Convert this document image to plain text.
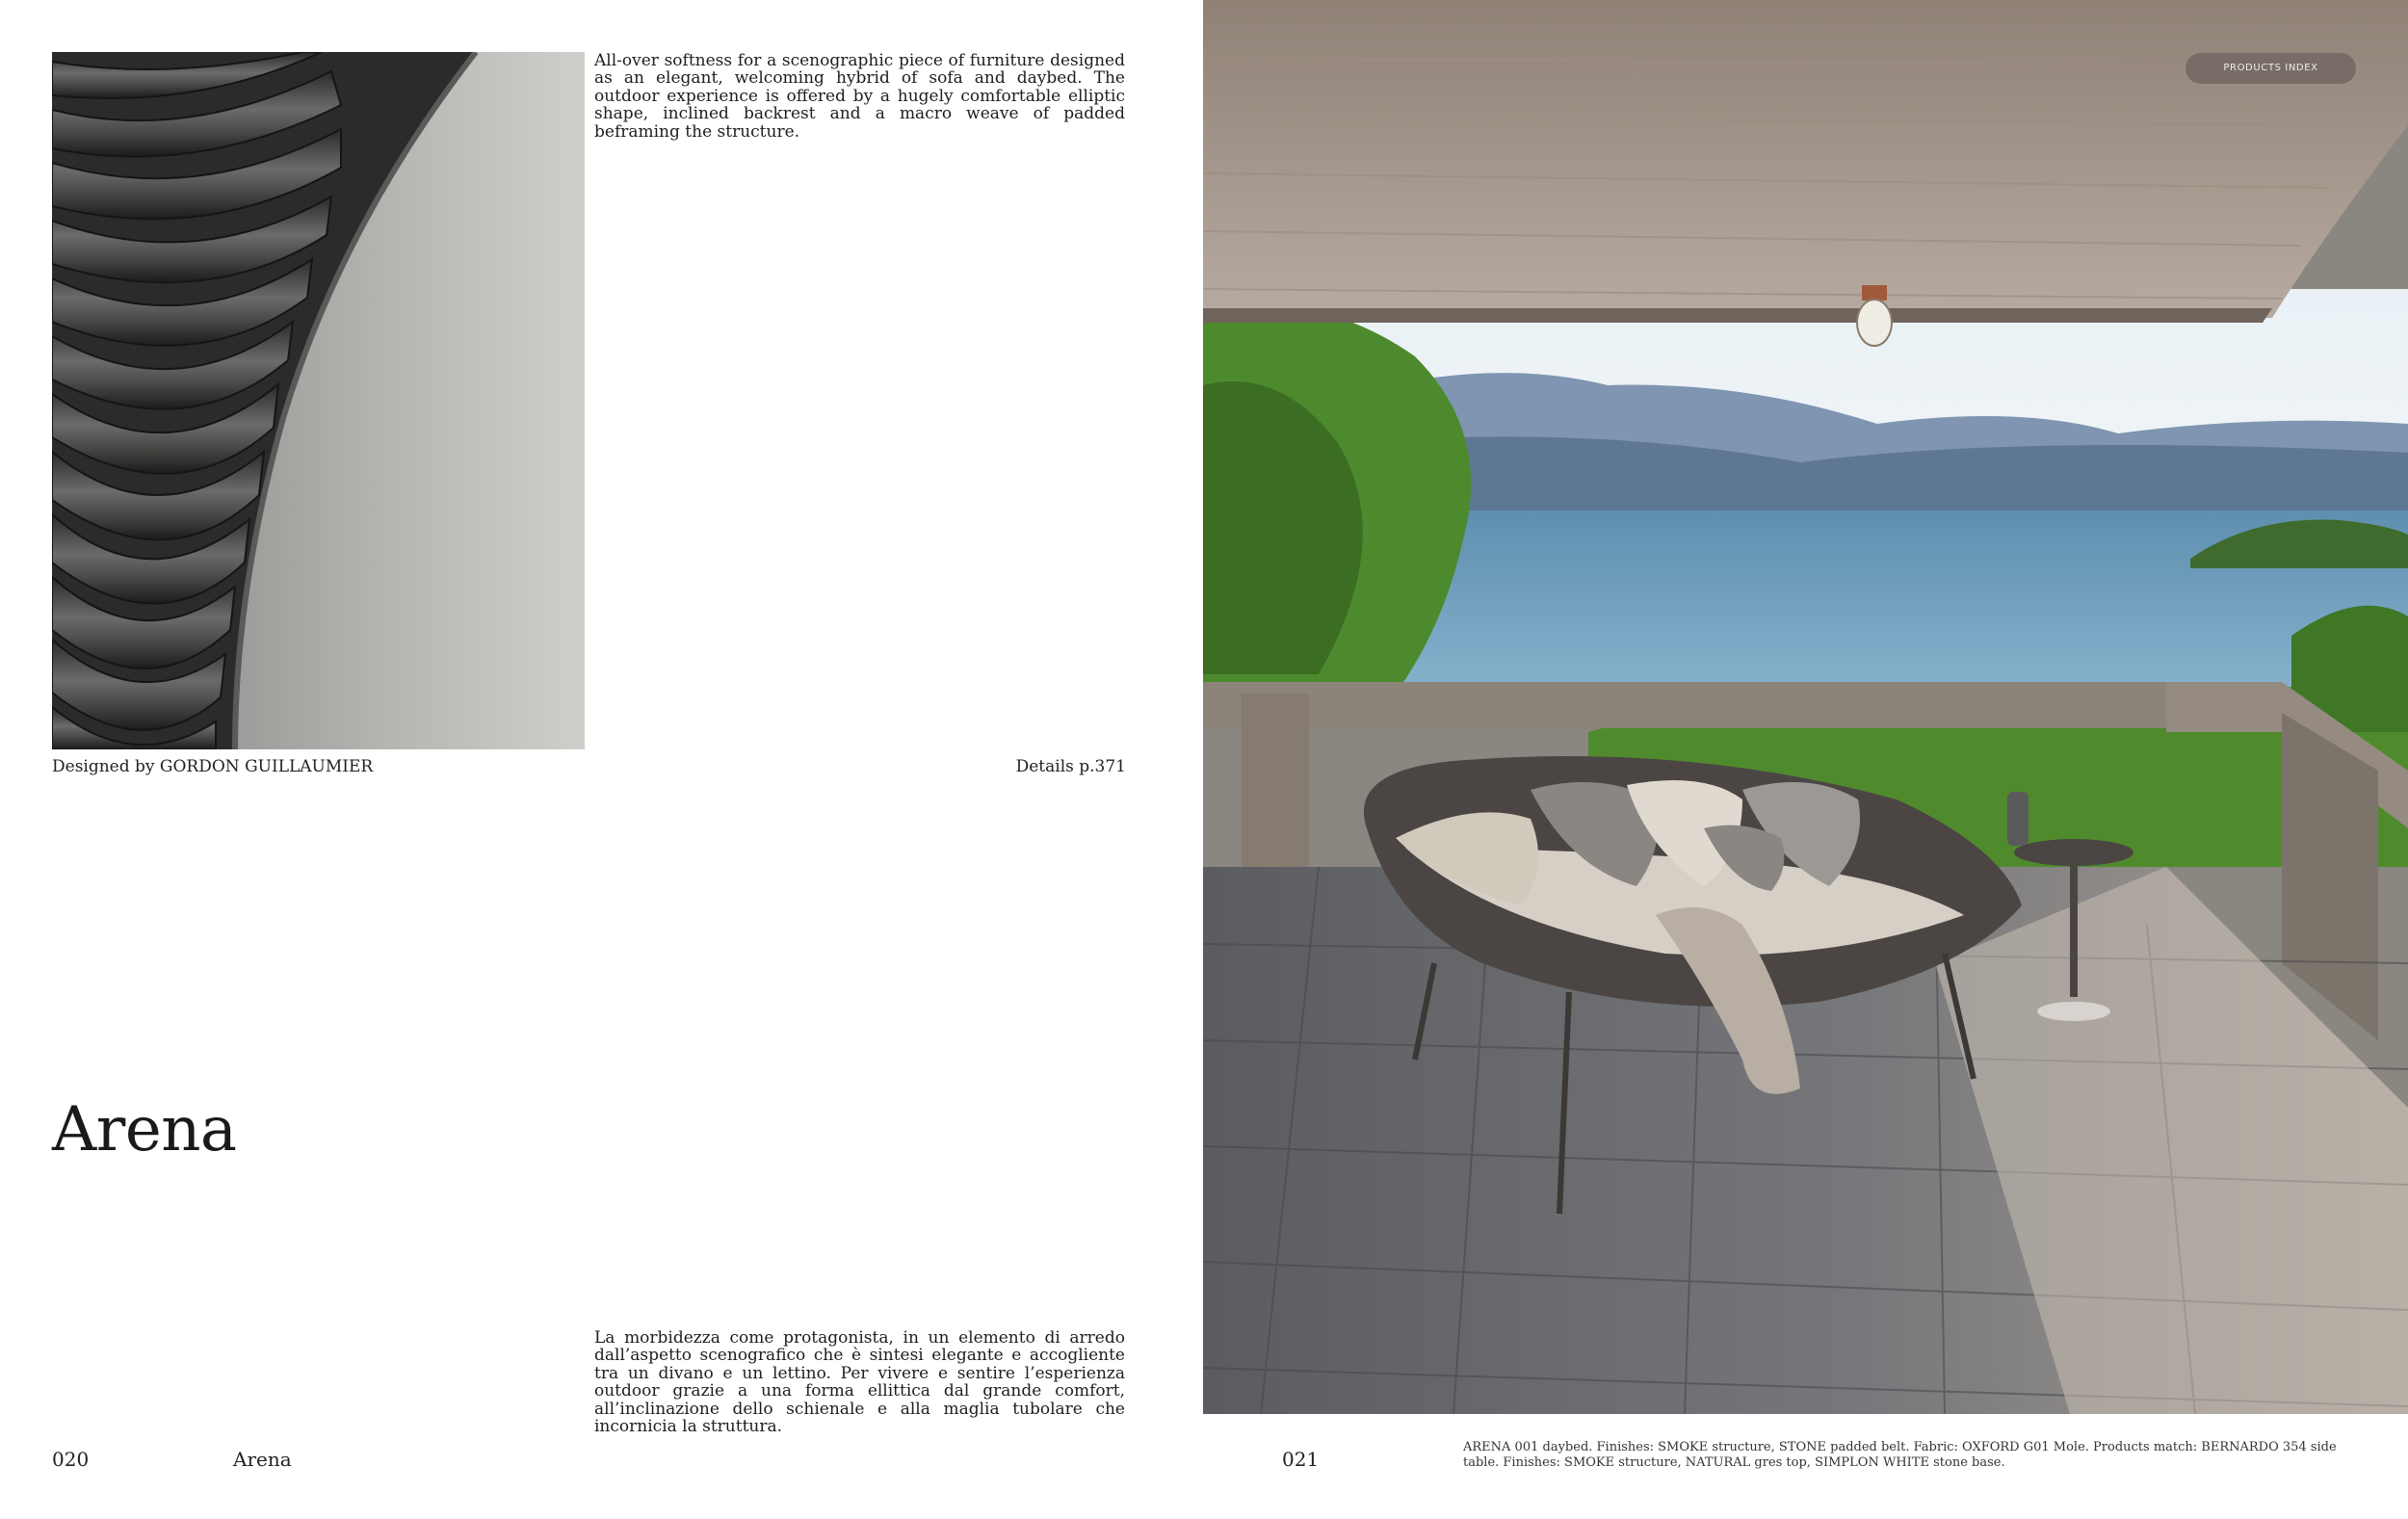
All-over softness for a scenographic piece of furniture designed as an elegant, welcoming hybrid of sofa and daybed. The outdoor experience is offered by a hugely comfortable elliptic shape, inclined backrest and a macro weave of padded beframing the structure.
Designed by GORDON GUILLAUMIER	Details p.371
Arena
La morbidezza come protagonista, in un elemento di arredo dall’aspetto scenografico che è sintesi elegante e accogliente tra un divano e un lettino. Per vivere e sentire l’esperienza outdoor grazie a una forma ellittica dal grande comfort, all’inclinazione dello schienale e alla maglia tubolare che incornicia la struttura.
020	Arena
PRODUCTS INDEX
021
ARENA 001 daybed. Finishes: SMOKE structure, STONE padded belt. Fabric: OXFORD G01 Mole. Products match: BERNARDO 354 side table. Finishes: SMOKE structure, NATURAL gres top, SIMPLON WHITE stone base.
